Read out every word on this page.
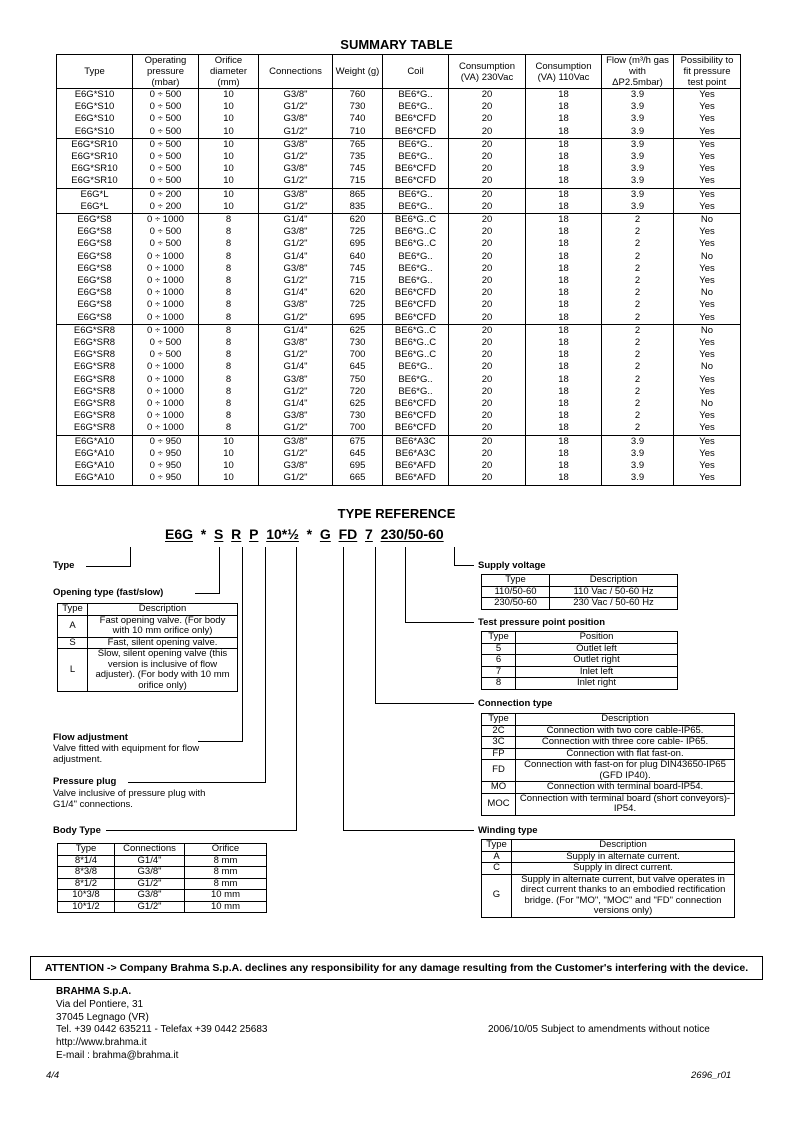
SUMMARY TABLE
Type	Operating pressure (mbar)	Orifice diameter (mm)	Connections	Weight (g)	Coil	Consumption (VA) 230Vac	Consumption (VA) 110Vac	Flow (m³/h gas with ΔP2.5mbar)	Possibility to fit pressure test point
E6G*S10	0 ÷ 500	10	G3/8"	760	BE6*G..	20	18	3.9	Yes
E6G*S10	0 ÷ 500	10	G1/2"	730	BE6*G..	20	18	3.9	Yes
E6G*S10	0 ÷ 500	10	G3/8"	740	BE6*CFD	20	18	3.9	Yes
E6G*S10	0 ÷ 500	10	G1/2"	710	BE6*CFD	20	18	3.9	Yes
E6G*SR10	0 ÷ 500	10	G3/8"	765	BE6*G..	20	18	3.9	Yes
E6G*SR10	0 ÷ 500	10	G1/2"	735	BE6*G..	20	18	3.9	Yes
E6G*SR10	0 ÷ 500	10	G3/8"	745	BE6*CFD	20	18	3.9	Yes
E6G*SR10	0 ÷ 500	10	G1/2"	715	BE6*CFD	20	18	3.9	Yes
E6G*L	0 ÷ 200	10	G3/8"	865	BE6*G..	20	18	3.9	Yes
E6G*L	0 ÷ 200	10	G1/2"	835	BE6*G..	20	18	3.9	Yes
E6G*S8	0 ÷ 1000	8	G1/4"	620	BE6*G..C	20	18	2	No
E6G*S8	0 ÷ 500	8	G3/8"	725	BE6*G..C	20	18	2	Yes
E6G*S8	0 ÷ 500	8	G1/2"	695	BE6*G..C	20	18	2	Yes
E6G*S8	0 ÷ 1000	8	G1/4"	640	BE6*G..	20	18	2	No
E6G*S8	0 ÷ 1000	8	G3/8"	745	BE6*G..	20	18	2	Yes
E6G*S8	0 ÷ 1000	8	G1/2"	715	BE6*G..	20	18	2	Yes
E6G*S8	0 ÷ 1000	8	G1/4"	620	BE6*CFD	20	18	2	No
E6G*S8	0 ÷ 1000	8	G3/8"	725	BE6*CFD	20	18	2	Yes
E6G*S8	0 ÷ 1000	8	G1/2"	695	BE6*CFD	20	18	2	Yes
E6G*SR8	0 ÷ 1000	8	G1/4"	625	BE6*G..C	20	18	2	No
E6G*SR8	0 ÷ 500	8	G3/8"	730	BE6*G..C	20	18	2	Yes
E6G*SR8	0 ÷ 500	8	G1/2"	700	BE6*G..C	20	18	2	Yes
E6G*SR8	0 ÷ 1000	8	G1/4"	645	BE6*G..	20	18	2	No
E6G*SR8	0 ÷ 1000	8	G3/8"	750	BE6*G..	20	18	2	Yes
E6G*SR8	0 ÷ 1000	8	G1/2"	720	BE6*G..	20	18	2	Yes
E6G*SR8	0 ÷ 1000	8	G1/4"	625	BE6*CFD	20	18	2	No
E6G*SR8	0 ÷ 1000	8	G3/8"	730	BE6*CFD	20	18	2	Yes
E6G*SR8	0 ÷ 1000	8	G1/2"	700	BE6*CFD	20	18	2	Yes
E6G*A10	0 ÷ 950	10	G3/8"	675	BE6*A3C	20	18	3.9	Yes
E6G*A10	0 ÷ 950	10	G1/2"	645	BE6*A3C	20	18	3.9	Yes
E6G*A10	0 ÷ 950	10	G3/8"	695	BE6*AFD	20	18	3.9	Yes
E6G*A10	0 ÷ 950	10	G1/2"	665	BE6*AFD	20	18	3.9	Yes
TYPE REFERENCE
E6G * S R P 10*½ * G FD 7 230/50-60
Type
Opening type (fast/slow)
Type	Description
A	Fast opening valve. (For body with 10 mm orifice only)
S	Fast, silent opening valve.
L	Slow, silent opening valve (this version is inclusive of flow adjuster). (For body with 10 mm orifice only)
Flow adjustment
Valve fitted with equipment for flow adjustment.
Pressure plug
Valve inclusive of pressure plug with G1/4" connections.
Body Type
Type	Connections	Orifice
8*1/4	G1/4"	8 mm
8*3/8	G3/8"	8 mm
8*1/2	G1/2"	8 mm
10*3/8	G3/8"	10 mm
10*1/2	G1/2"	10 mm
Supply voltage
Type	Description
110/50-60	110 Vac / 50-60 Hz
230/50-60	230 Vac / 50-60 Hz
Test pressure point position
Type	Position
5	Outlet left
6	Outlet right
7	Inlet left
8	Inlet right
Connection type
Type	Description
2C	Connection with two core cable-IP65.
3C	Connection with three core cable- IP65.
FP	Connection with flat fast-on.
FD	Connection with fast-on for plug DIN43650-IP65 (GFD IP40).
MO	Connection with terminal board-IP54.
MOC	Connection with terminal board (short conveyors)-IP54.
Winding type
Type	Description
A	Supply in alternate current.
C	Supply in direct current.
G	Supply in alternate current, but valve operates in direct current thanks to an embodied rectification bridge. (For "MO", "MOC" and "FD" connection versions only)
ATTENTION -> Company Brahma S.p.A. declines any responsibility for any damage resulting from the Customer's interfering with the device.
BRAHMA S.p.A.
Via del Pontiere, 31
37045 Legnago (VR)
Tel. +39 0442 635211 - Telefax +39 0442 25683
http://www.brahma.it
E-mail : brahma@brahma.it
2006/10/05 Subject to amendments without notice
4/4	2696_r01
